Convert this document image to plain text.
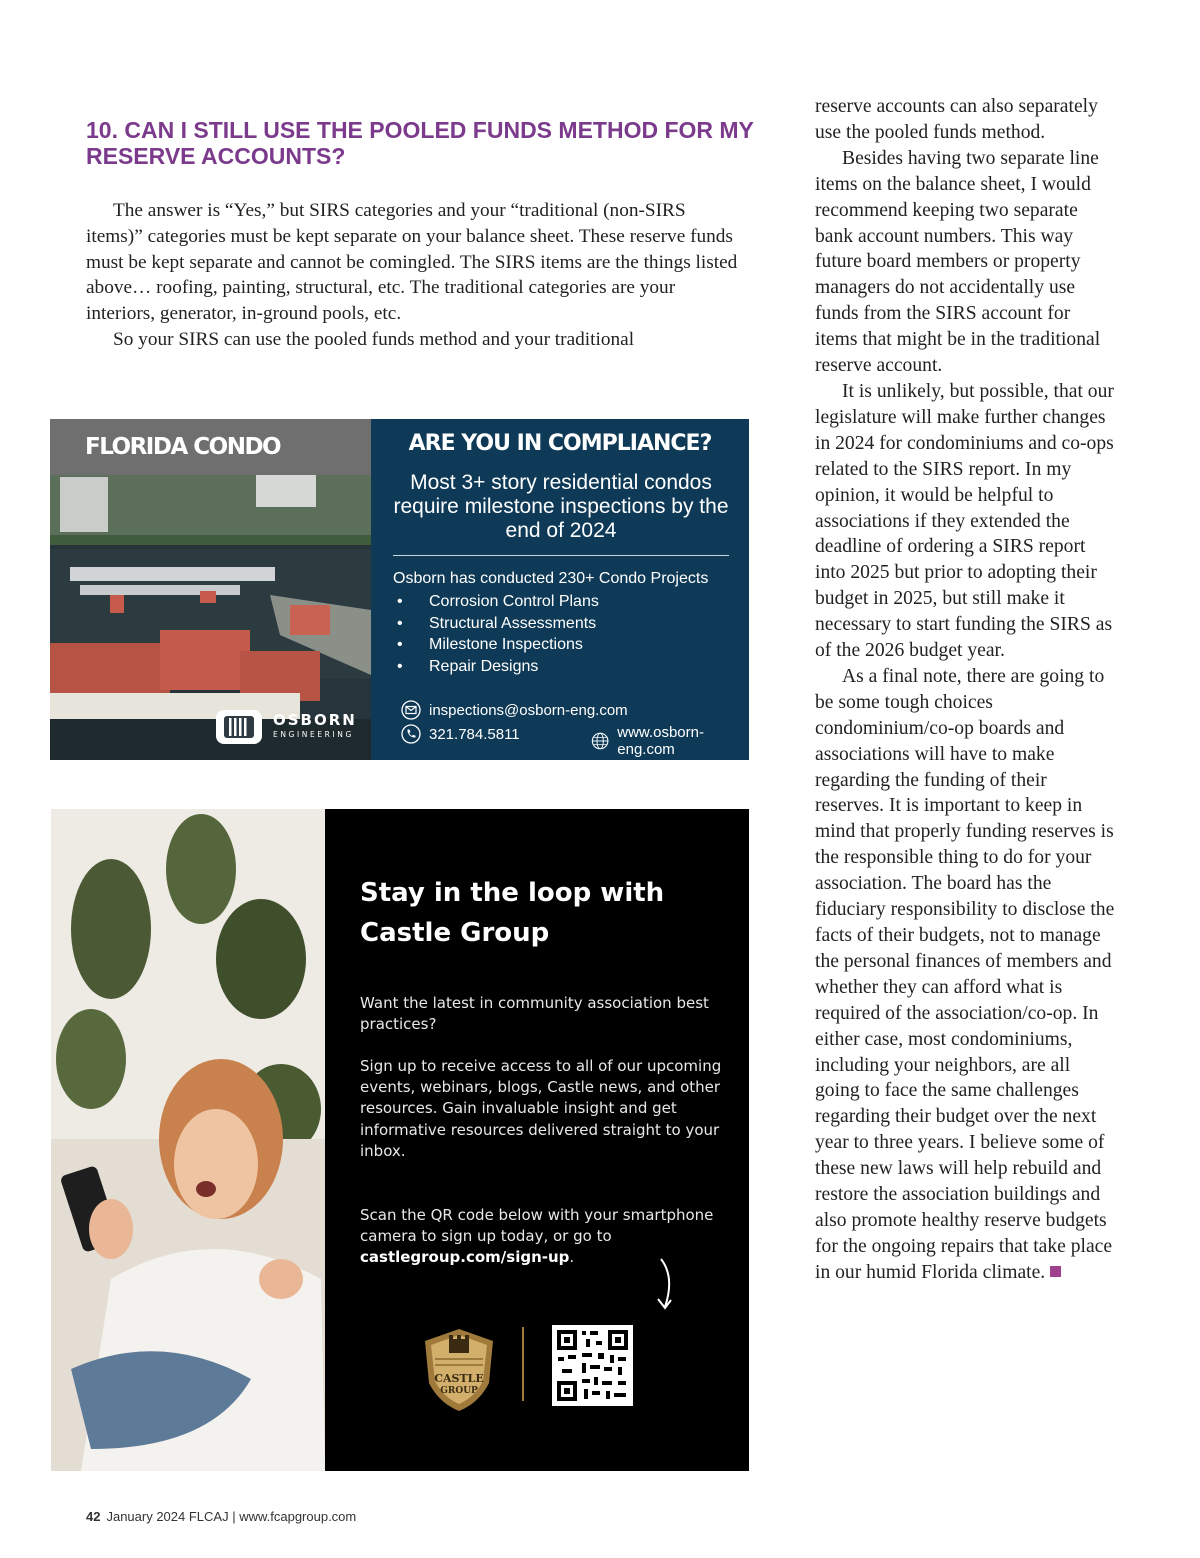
10. CAN I STILL USE THE POOLED FUNDS METHOD FOR MY RESERVE ACCOUNTS?

The answer is “Yes,” but SIRS categories and your “traditional (non-SIRS items)” categories must be kept separate on your balance sheet. These reserve funds must be kept separate and cannot be comingled. The SIRS items are the things listed above… roofing, painting, structural, etc. The traditional categories are your interiors, generator, in-ground pools, etc.

So your SIRS can use the pooled funds method and your traditional

reserve accounts can also separately use the pooled funds method.

Besides having two separate line items on the balance sheet, I would recommend keeping two separate bank account numbers. This way future board members or property managers do not accidentally use funds from the SIRS account for items that might be in the traditional reserve account.

It is unlikely, but possible, that our legislature will make further changes in 2024 for condominiums and co-ops related to the SIRS report. In my opinion, it would be helpful to associations if they extended the deadline of ordering a SIRS report into 2025 but prior to adopting their budget in 2025, but still make it necessary to start funding the SIRS as of the 2026 budget year.

As a final note, there are going to be some tough choices condominium/co-op boards and associations will have to make regarding the funding of their reserves. It is important to keep in mind that properly funding reserves is the responsible thing to do for your association. The board has the fiduciary responsibility to disclose the facts of their budgets, not to manage the personal finances of members and whether they can afford what is required of the association/co-op. In either case, most condominiums, including your neighbors, are all going to face the same challenges regarding their budget over the next year to three years. I believe some of these new laws will help rebuild and restore the association buildings and also promote healthy reserve budgets for the ongoing repairs that take place in our humid Florida climate.

FLORIDA CONDO
OSBORN
ENGINEERING
ARE YOU IN COMPLIANCE?
Most 3+ story residential condos require milestone inspections by the end of 2024
Osborn has conducted 230+ Condo Projects
• Corrosion Control Plans
• Structural Assessments
• Milestone Inspections
• Repair Designs
inspections@osborn-eng.com
321.784.5811	www.osborn-eng.com
Stay in the loop with
Castle Group

Want the latest in community association best practices?

Sign up to receive access to all of our upcoming events, webinars, blogs, Castle news, and other resources. Gain invaluable insight and get informative resources delivered straight to your inbox.

Scan the QR code below with your smartphone camera to sign up today, or go to castlegroup.com/sign-up.

CASTLE
GROUP
42 January 2024 FLCAJ | www.fcapgroup.com
